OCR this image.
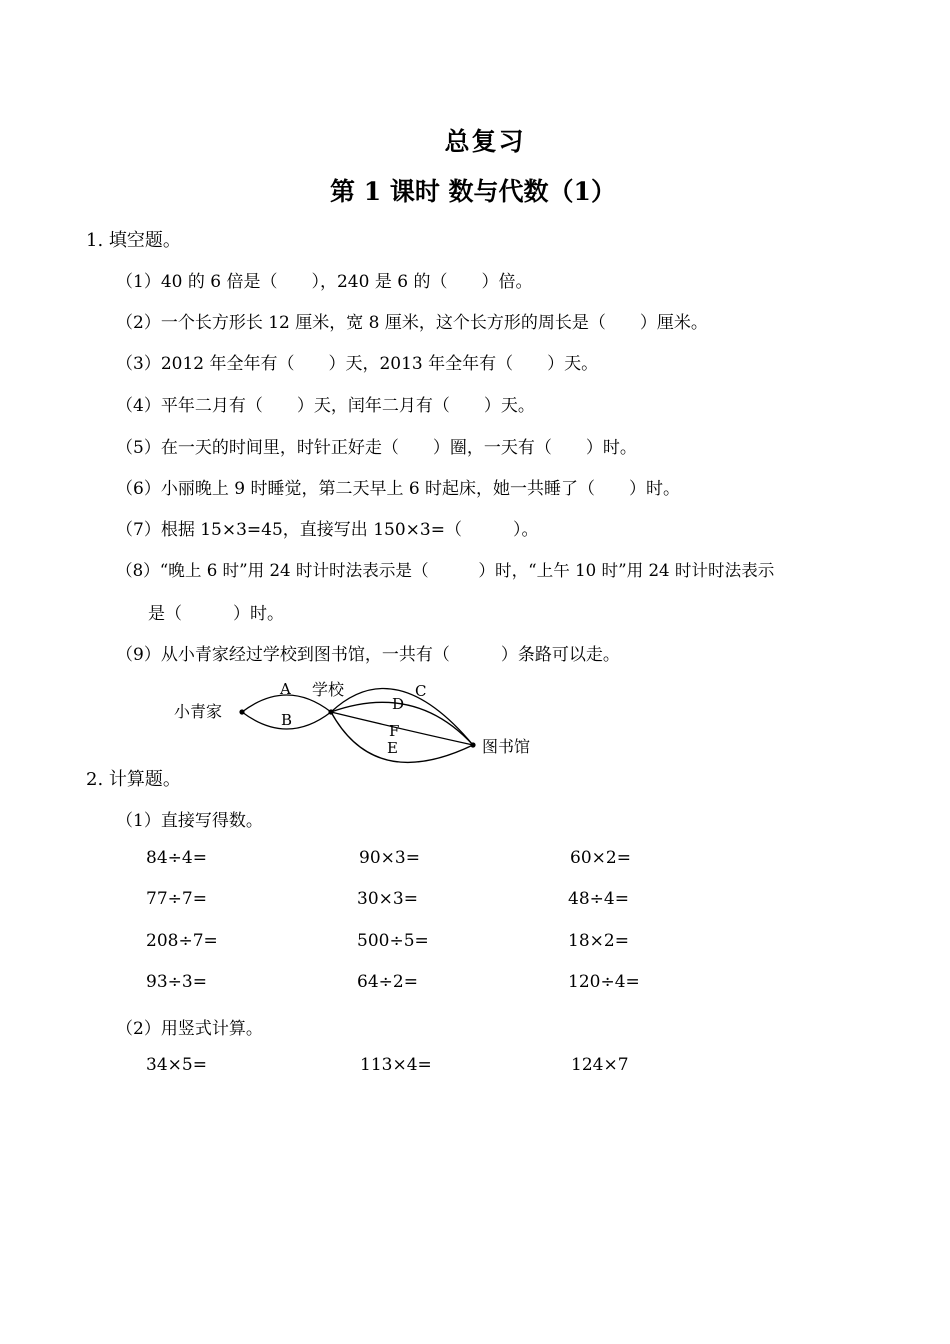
总复习
第 1 课时 数与代数（1）
1. 填空题。
（1）40 的 6 倍是（　　），240 是 6 的（　　）倍。
（2）一个长方形长 12 厘米，宽 8 厘米，这个长方形的周长是（　　）厘米。
（3）2012 年全年有（　　）天，2013 年全年有（　　）天。
（4）平年二月有（　　）天，闰年二月有（　　）天。
（5）在一天的时间里，时针正好走（　　）圈，一天有（　　）时。
（6）小丽晚上 9 时睡觉，第二天早上 6 时起床，她一共睡了（　　）时。
（7）根据 15×3=45，直接写出 150×3=（　　　）。
（8）“晚上 6 时”用 24 时计时法表示是（　　　）时，“上午 10 时”用 24 时计时法表示
是（　　　）时。
（9）从小青家经过学校到图书馆，一共有（　　　）条路可以走。
小青家
学校
图书馆
A
B
C
D
F
E
2. 计算题。
（1）直接写得数。
84÷4=	90×3=	60×2=
77÷7=	30×3=	48÷4=
208÷7=	500÷5=	18×2=
93÷3=	64÷2=	120÷4=
（2）用竖式计算。
34×5=	113×4=	124×7
